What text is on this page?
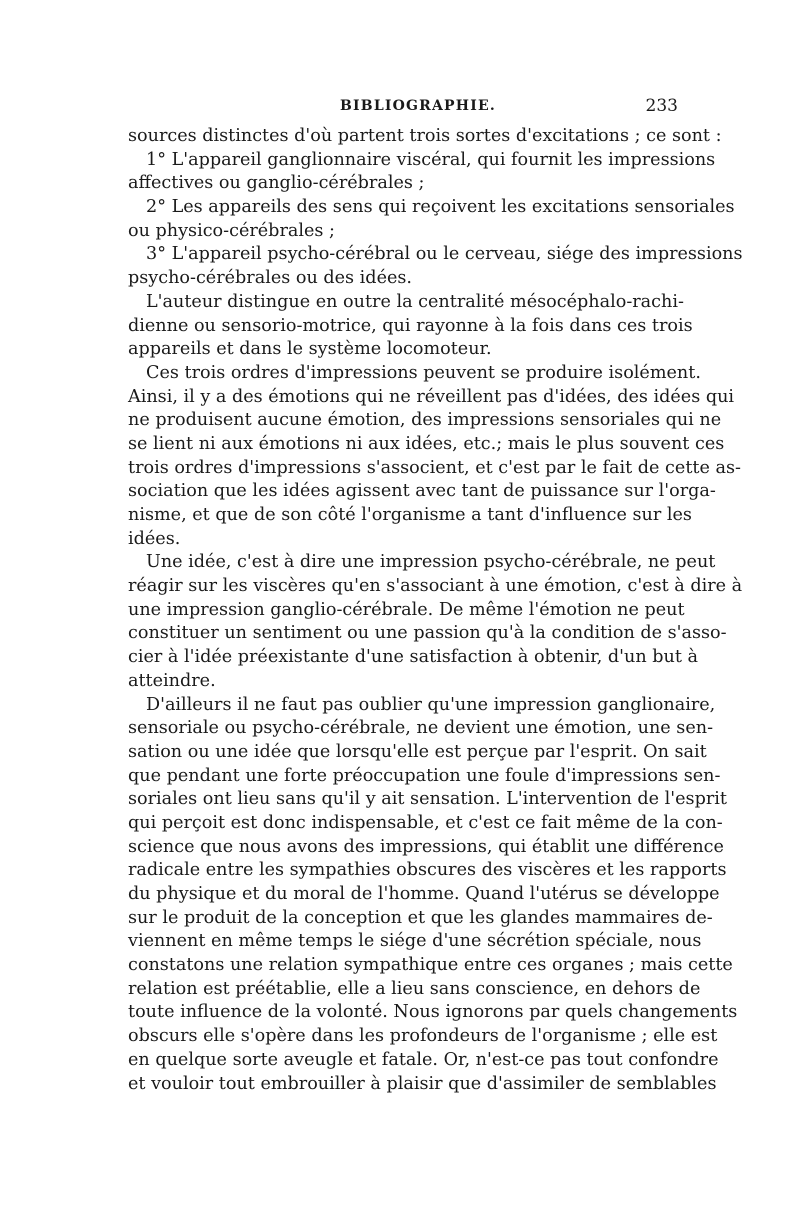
BIBLIOGRAPHIE.	233
sources distinctes d'où partent trois sortes d'excitations ; ce sont :
1° L'appareil ganglionnaire viscéral, qui fournit les impressions
affectives ou ganglio-cérébrales ;
2° Les appareils des sens qui reçoivent les excitations sensoriales
ou physico-cérébrales ;
3° L'appareil psycho-cérébral ou le cerveau, siége des impressions
psycho-cérébrales ou des idées.
L'auteur distingue en outre la centralité mésocéphalo-rachi-
dienne ou sensorio-motrice, qui rayonne à la fois dans ces trois
appareils et dans le système locomoteur.
Ces trois ordres d'impressions peuvent se produire isolément.
Ainsi, il y a des émotions qui ne réveillent pas d'idées, des idées qui
ne produisent aucune émotion, des impressions sensoriales qui ne
se lient ni aux émotions ni aux idées, etc.; mais le plus souvent ces
trois ordres d'impressions s'associent, et c'est par le fait de cette as-
sociation que les idées agissent avec tant de puissance sur l'orga-
nisme, et que de son côté l'organisme a tant d'influence sur les
idées.
Une idée, c'est à dire une impression psycho-cérébrale, ne peut
réagir sur les viscères qu'en s'associant à une émotion, c'est à dire à
une impression ganglio-cérébrale. De même l'émotion ne peut
constituer un sentiment ou une passion qu'à la condition de s'asso-
cier à l'idée préexistante d'une satisfaction à obtenir, d'un but à
atteindre.
D'ailleurs il ne faut pas oublier qu'une impression ganglionaire,
sensoriale ou psycho-cérébrale, ne devient une émotion, une sen-
sation ou une idée que lorsqu'elle est perçue par l'esprit. On sait
que pendant une forte préoccupation une foule d'impressions sen-
soriales ont lieu sans qu'il y ait sensation. L'intervention de l'esprit
qui perçoit est donc indispensable, et c'est ce fait même de la con-
science que nous avons des impressions, qui établit une différence
radicale entre les sympathies obscures des viscères et les rapports
du physique et du moral de l'homme. Quand l'utérus se développe
sur le produit de la conception et que les glandes mammaires de-
viennent en même temps le siége d'une sécrétion spéciale, nous
constatons une relation sympathique entre ces organes ; mais cette
relation est préétablie, elle a lieu sans conscience, en dehors de
toute influence de la volonté. Nous ignorons par quels changements
obscurs elle s'opère dans les profondeurs de l'organisme ; elle est
en quelque sorte aveugle et fatale. Or, n'est-ce pas tout confondre
et vouloir tout embrouiller à plaisir que d'assimiler de semblables
